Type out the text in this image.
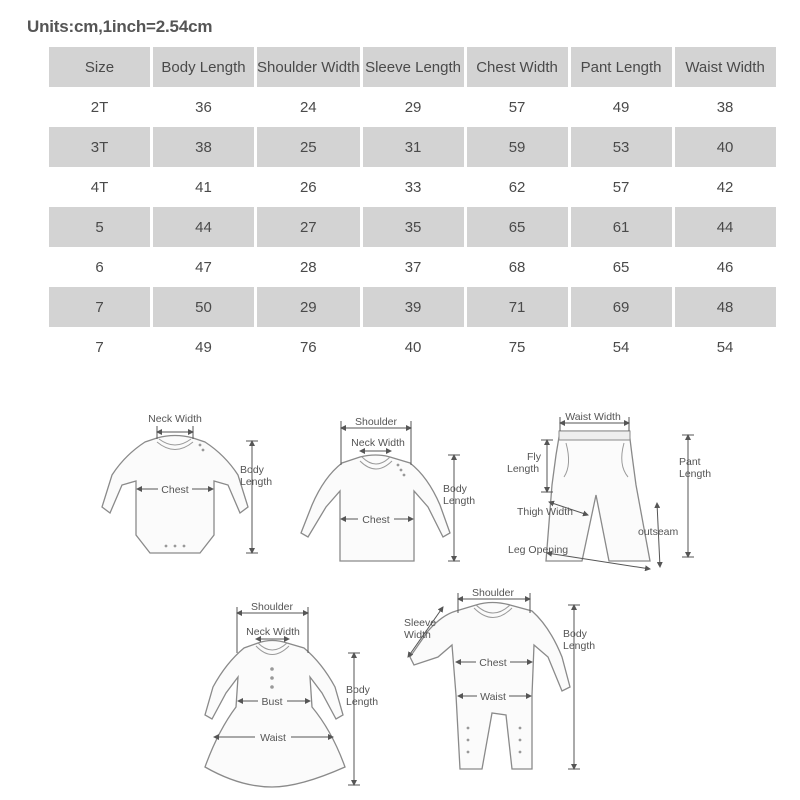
Units:cm,1inch=2.54cm
Size	Body Length	Shoulder Width	Sleeve Length	Chest Width	Pant Length	Waist Width
2T	36	24	29	57	49	38
3T	38	25	31	59	53	40
4T	41	26	33	62	57	42
5	44	27	35	65	61	44
6	47	28	37	68	65	46
7	50	29	39	71	69	48
7	49	76	40	75	54	54
Neck Width
Body
Length
Chest
Shoulder
Neck Width
Body
Length
Chest
Waist Width
Fly
Length
Pant
Length
Thigh Width
outseam
Leg Opening
Shoulder
Neck Width
Bust
Body
Length
Waist
Shoulder
Sleeve
Width
Chest
Waist
Body
Length
